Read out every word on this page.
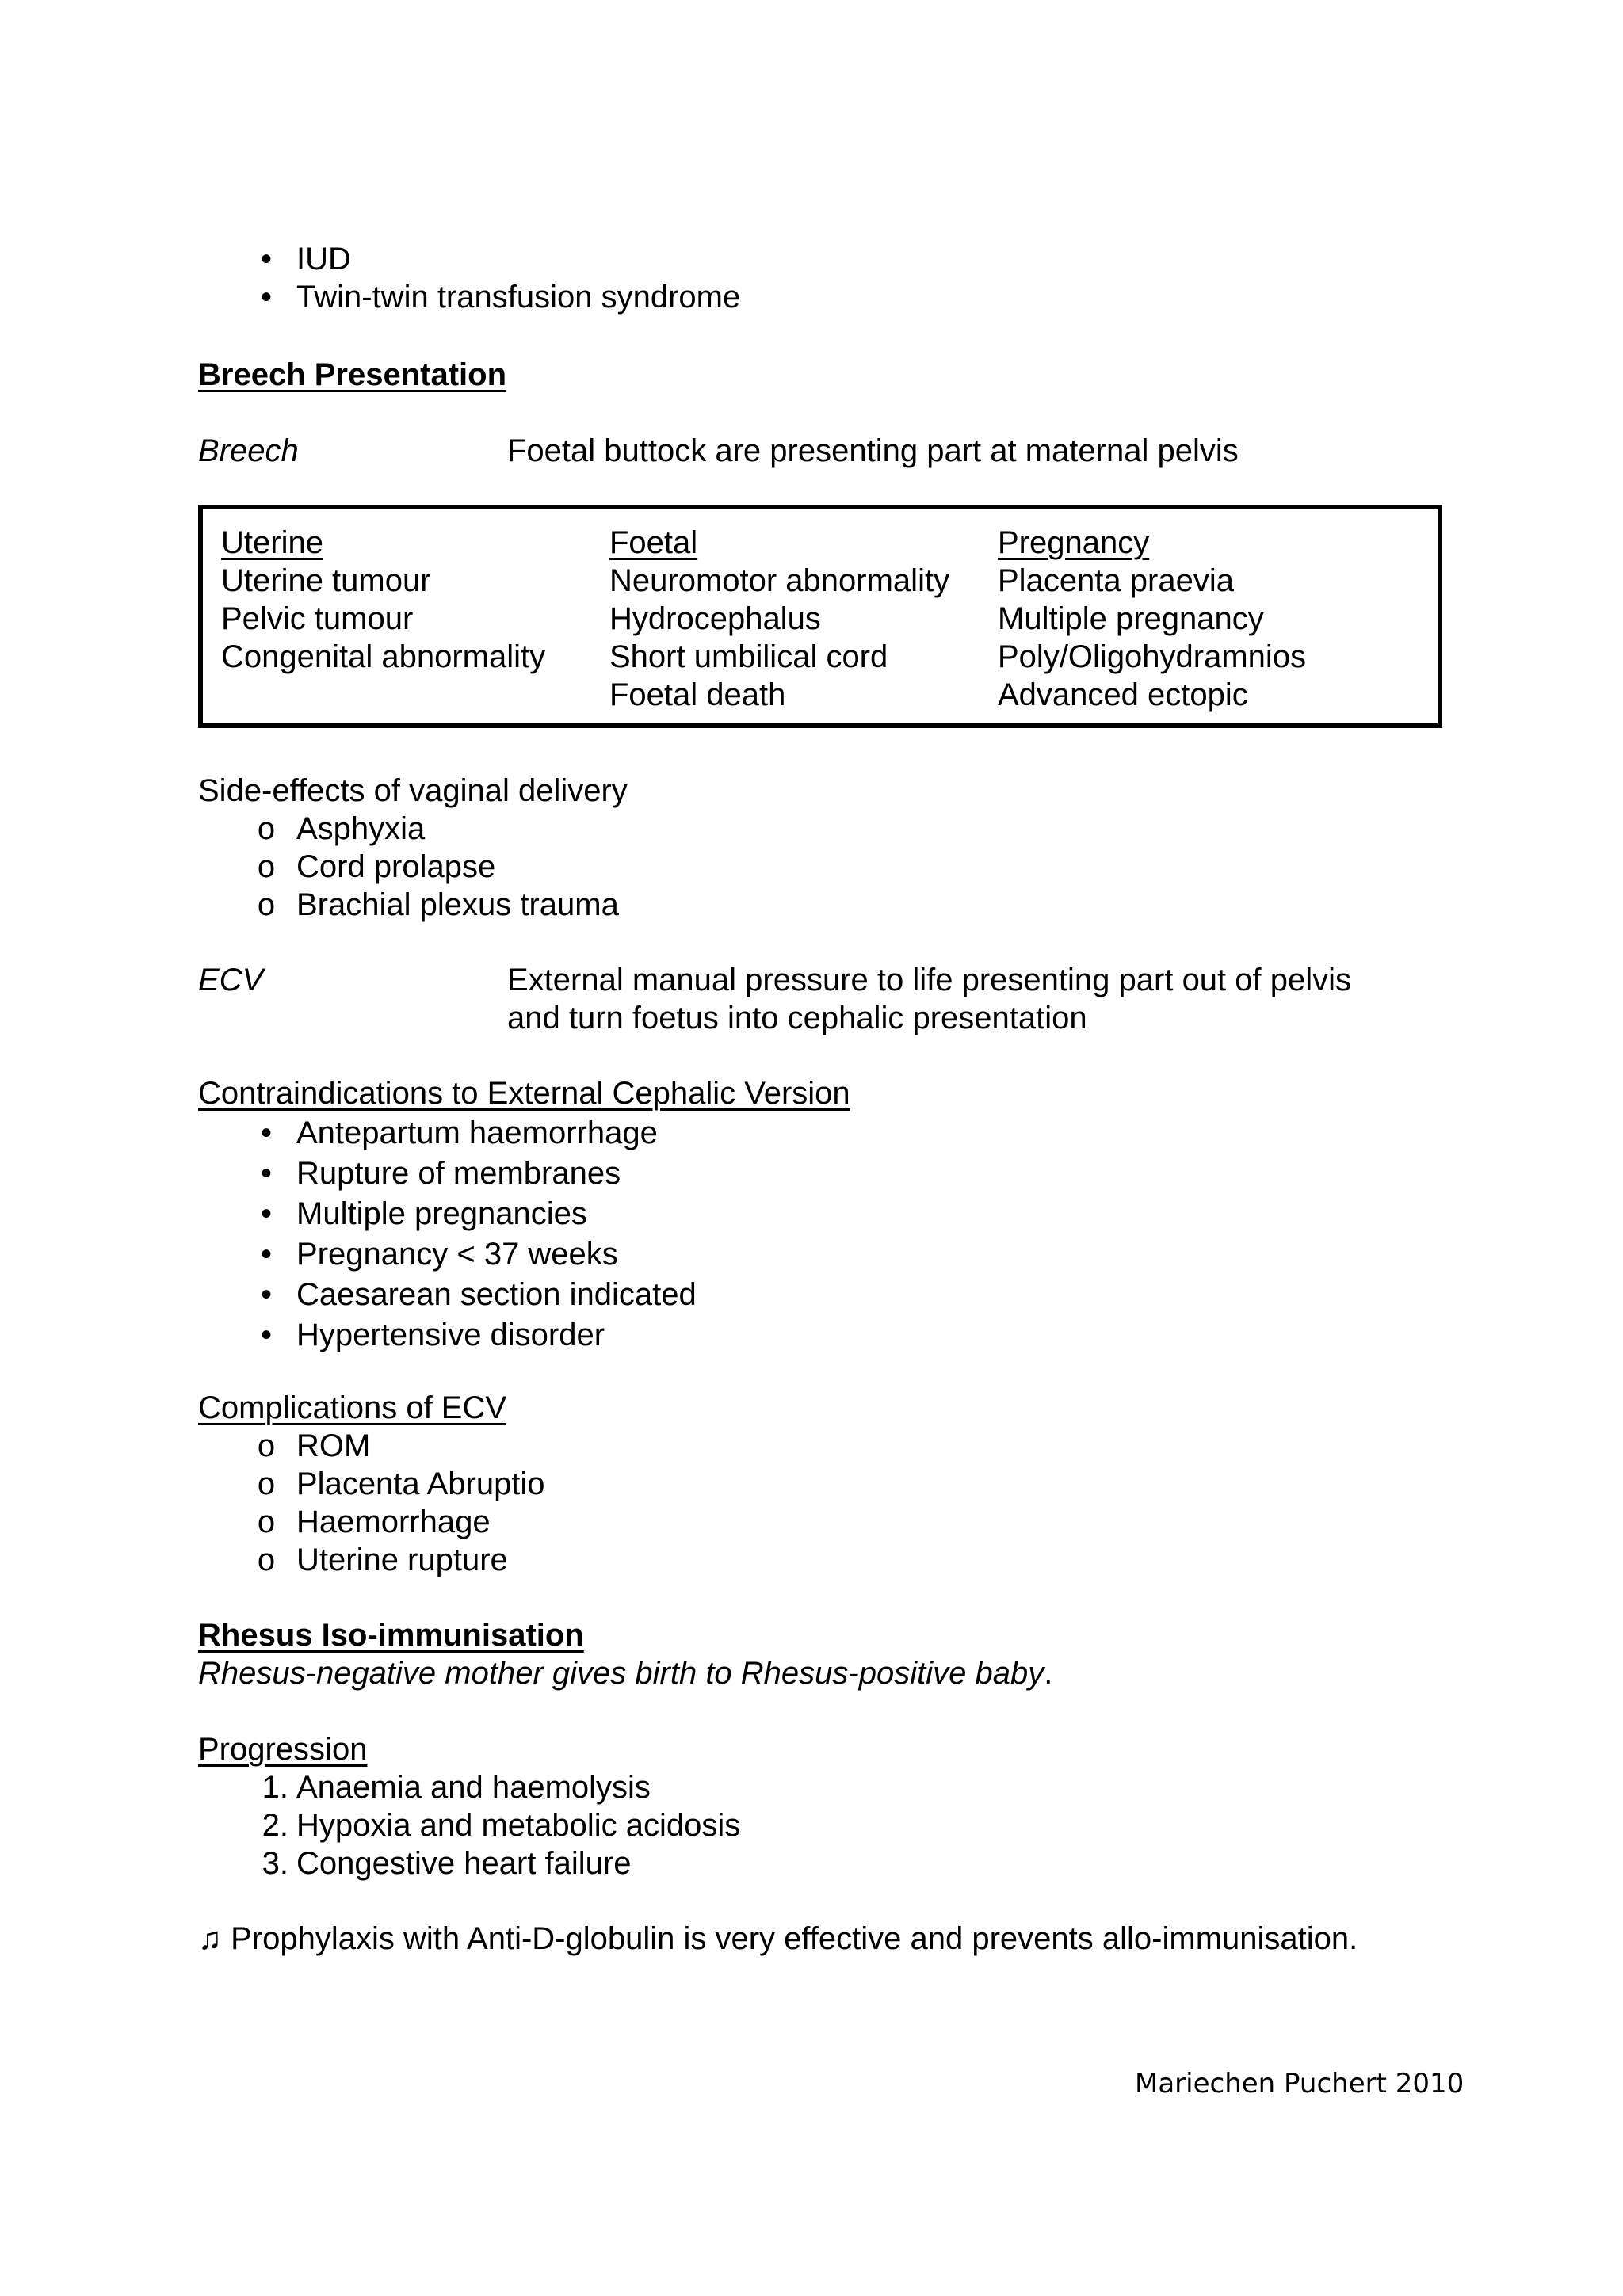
• IUD
• Twin-twin transfusion syndrome
Breech Presentation
Breech	Foetal buttock are presenting part at maternal pelvis
Uterine
Uterine tumour
Pelvic tumour
Congenital abnormality
Foetal
Neuromotor abnormality
Hydrocephalus
Short umbilical cord
Foetal death
Pregnancy
Placenta praevia
Multiple pregnancy
Poly/Oligohydramnios
Advanced ectopic
Side-effects of vaginal delivery
o Asphyxia
o Cord prolapse
o Brachial plexus trauma
ECV	External manual pressure to life presenting part out of pelvis
and turn foetus into cephalic presentation
Contraindications to External Cephalic Version
• Antepartum haemorrhage
• Rupture of membranes
• Multiple pregnancies
• Pregnancy < 37 weeks
• Caesarean section indicated
• Hypertensive disorder
Complications of ECV
o ROM
o Placenta Abruptio
o Haemorrhage
o Uterine rupture
Rhesus Iso-immunisation
Rhesus-negative mother gives birth to Rhesus-positive baby.
Progression
1. Anaemia and haemolysis
2. Hypoxia and metabolic acidosis
3. Congestive heart failure
♫ Prophylaxis with Anti-D-globulin is very effective and prevents allo-immunisation.
Mariechen Puchert 2010
